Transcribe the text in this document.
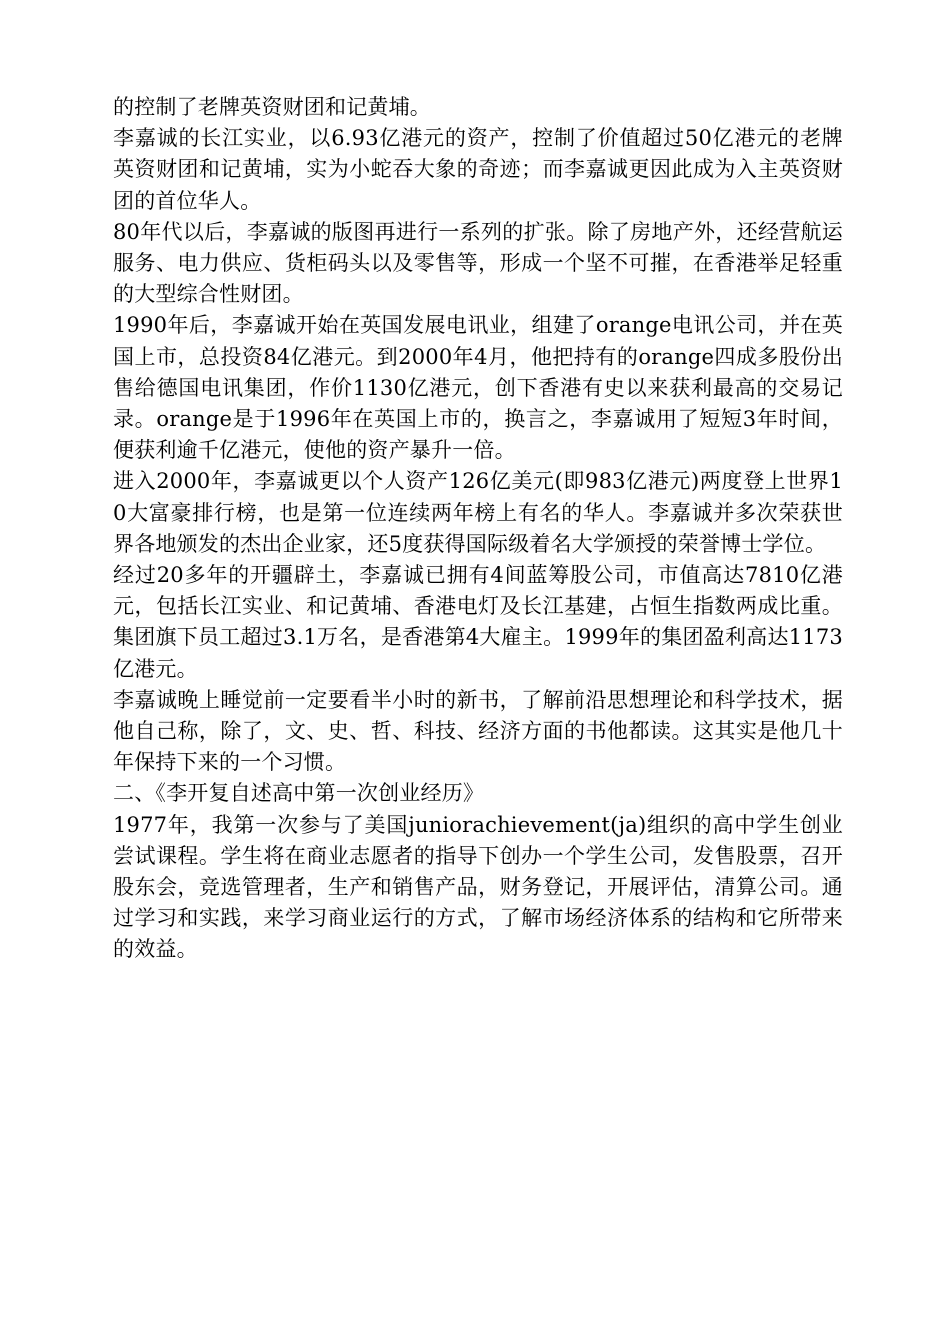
的控制了老牌英资财团和记黄埔。

李嘉诚的长江实业，以6.93亿港元的资产，控制了价值超过50亿港元的老牌英资财团和记黄埔，实为小蛇吞大象的奇迹；而李嘉诚更因此成为入主英资财团的首位华人。

80年代以后，李嘉诚的版图再进行一系列的扩张。除了房地产外，还经营航运服务、电力供应、货柜码头以及零售等，形成一个坚不可摧，在香港举足轻重的大型综合性财团。

1990年后，李嘉诚开始在英国发展电讯业，组建了orange电讯公司，并在英国上市，总投资84亿港元。到2000年4月，他把持有的orange四成多股份出售给德国电讯集团，作价1130亿港元，创下香港有史以来获利最高的交易记录。orange是于1996年在英国上市的，换言之，李嘉诚用了短短3年时间，便获利逾千亿港元，使他的资产暴升一倍。

进入2000年，李嘉诚更以个人资产126亿美元(即983亿港元)两度登上世界10大富豪排行榜，也是第一位连续两年榜上有名的华人。李嘉诚并多次荣获世界各地颁发的杰出企业家，还5度获得国际级着名大学颁授的荣誉博士学位。

经过20多年的开疆辟土，李嘉诚已拥有4间蓝筹股公司，市值高达7810亿港元，包括长江实业、和记黄埔、香港电灯及长江基建，占恒生指数两成比重。集团旗下员工超过3.1万名，是香港第4大雇主。1999年的集团盈利高达1173亿港元。

李嘉诚晚上睡觉前一定要看半小时的新书，了解前沿思想理论和科学技术，据他自己称，除了，文、史、哲、科技、经济方面的书他都读。这其实是他几十年保持下来的一个习惯。

二、《李开复自述高中第一次创业经历》

1977年，我第一次参与了美国juniorachievement(ja)组织的高中学生创业尝试课程。学生将在商业志愿者的指导下创办一个学生公司，发售股票，召开股东会，竞选管理者，生产和销售产品，财务登记，开展评估，清算公司。通过学习和实践，来学习商业运行的方式，了解市场经济体系的结构和它所带来的效益。
